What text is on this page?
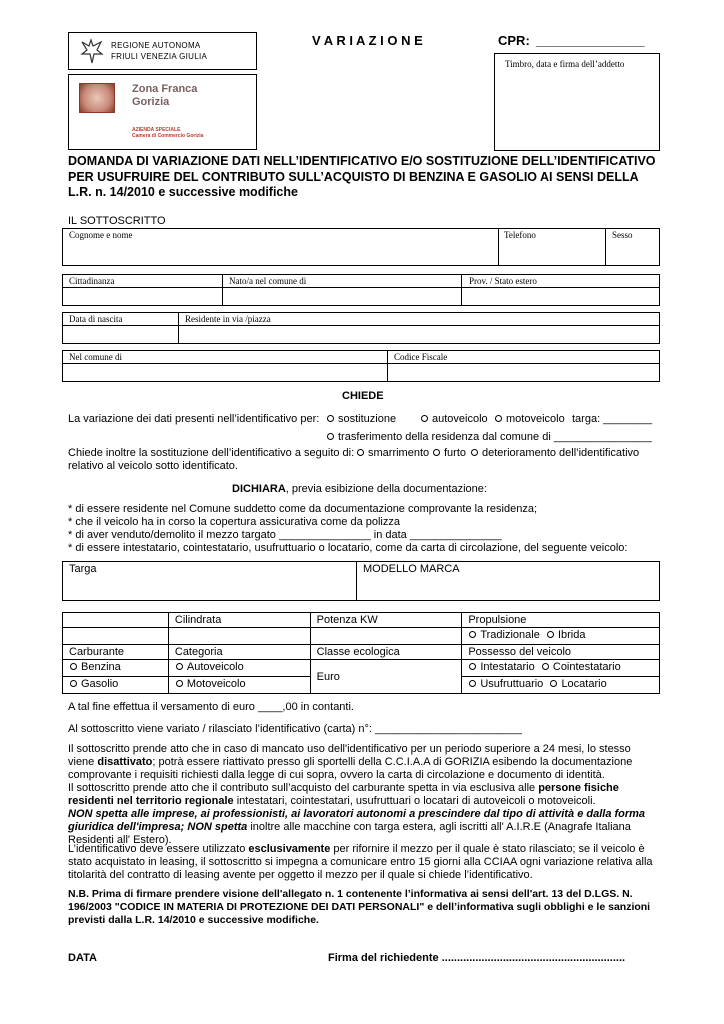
REGIONE AUTONOMA
FRIULI VENEZIA GIULIA
Zona Franca
Gorizia
AZIENDA SPECIALE
Camera di Commercio Gorizia
V A R I A Z I O N E	CPR: _______________
Timbro, data e firma dell’addetto
DOMANDA DI VARIAZIONE DATI NELL’IDENTIFICATIVO E/O SOSTITUZIONE DELL’IDENTIFICATIVO PER USUFRUIRE DEL CONTRIBUTO SULL’ACQUISTO DI BENZINA E GASOLIO AI SENSI DELLA L.R. n. 14/2010 e successive modifiche
IL SOTTOSCRITTO
Cognome e nome	Telefono	Sesso
Cittadinanza	Nato/a nel comune di	Prov. / Stato estero
Data di nascita	Residente in via /piazza
Nel comune di	Codice Fiscale
CHIEDE
La variazione dei dati presenti nell’identificativo per:	sostituzione	autoveicolo	motoveicolo targa: ________
trasferimento della residenza dal comune di ________________
Chiede inoltre la sostituzione dell’identificativo a seguito di:	smarrimento	furto	deterioramento dell’identificativo
relativo al veicolo sotto identificato.
DICHIARA, previa esibizione della documentazione:
* di essere residente nel Comune suddetto come da documentazione comprovante la residenza;
* che il veicolo ha in corso la copertura assicurativa come da polizza
* di aver venduto/demolito il mezzo targato _______________ in data _______________
* di essere intestatario, cointestatario, usufruttuario o locatario, come da carta di circolazione, del seguente veicolo:
Targa	MODELLO MARCA
	Cilindrata	Potenza KW	Propulsione
			Tradizionale Ibrida
Carburante	Categoria	Classe ecologica	Possesso del veicolo
Benzina	Autoveicolo	Euro	Intestatario Cointestatario
Gasolio	Motoveicolo		Usufruttuario Locatario
A tal fine effettua il versamento di euro ____,00 in contanti.
Al sottoscritto viene variato / rilasciato l’identificativo (carta) n°: ________________________
Il sottoscritto prende atto che in caso di mancato uso dell'identificativo per un periodo superiore a 24 mesi, lo stesso viene disattivato; potrà essere riattivato presso gli sportelli della C.C.I.A.A di GORIZIA esibendo la documentazione comprovante i requisiti richiesti dalla legge di cui sopra, ovvero la carta di circolazione e documento di identità.
Il sottoscritto prende atto che il contributo sull’acquisto del carburante spetta in via esclusiva alle persone fisiche residenti nel territorio regionale intestatari, cointestatari, usufruttuari o locatari di autoveicoli o motoveicoli.
NON spetta alle imprese, ai professionisti, ai lavoratori autonomi a prescindere dal tipo di attività e dalla forma giuridica dell'impresa; NON spetta inoltre alle macchine con targa estera, agli iscritti all' A.I.R.E (Anagrafe Italiana Residenti all' Estero).
L’identificativo deve essere utilizzato esclusivamente per rifornire il mezzo per il quale è stato rilasciato; se il veicolo è stato acquistato in leasing, il sottoscritto si impegna a comunicare entro 15 giorni alla CCIAA ogni variazione relativa alla titolarità del contratto di leasing avente per oggetto il mezzo per il quale si chiede l’identificativo.
N.B. Prima di firmare prendere visione dell'allegato n. 1 contenente l’informativa ai sensi dell'art. 13 del D.LGS. N. 196/2003 "CODICE IN MATERIA DI PROTEZIONE DEI DATI PERSONALI" e dell’informativa sugli obblighi e le sanzioni previsti dalla L.R. 14/2010 e successive modifiche.
DATA	Firma del richiedente ............................................................
